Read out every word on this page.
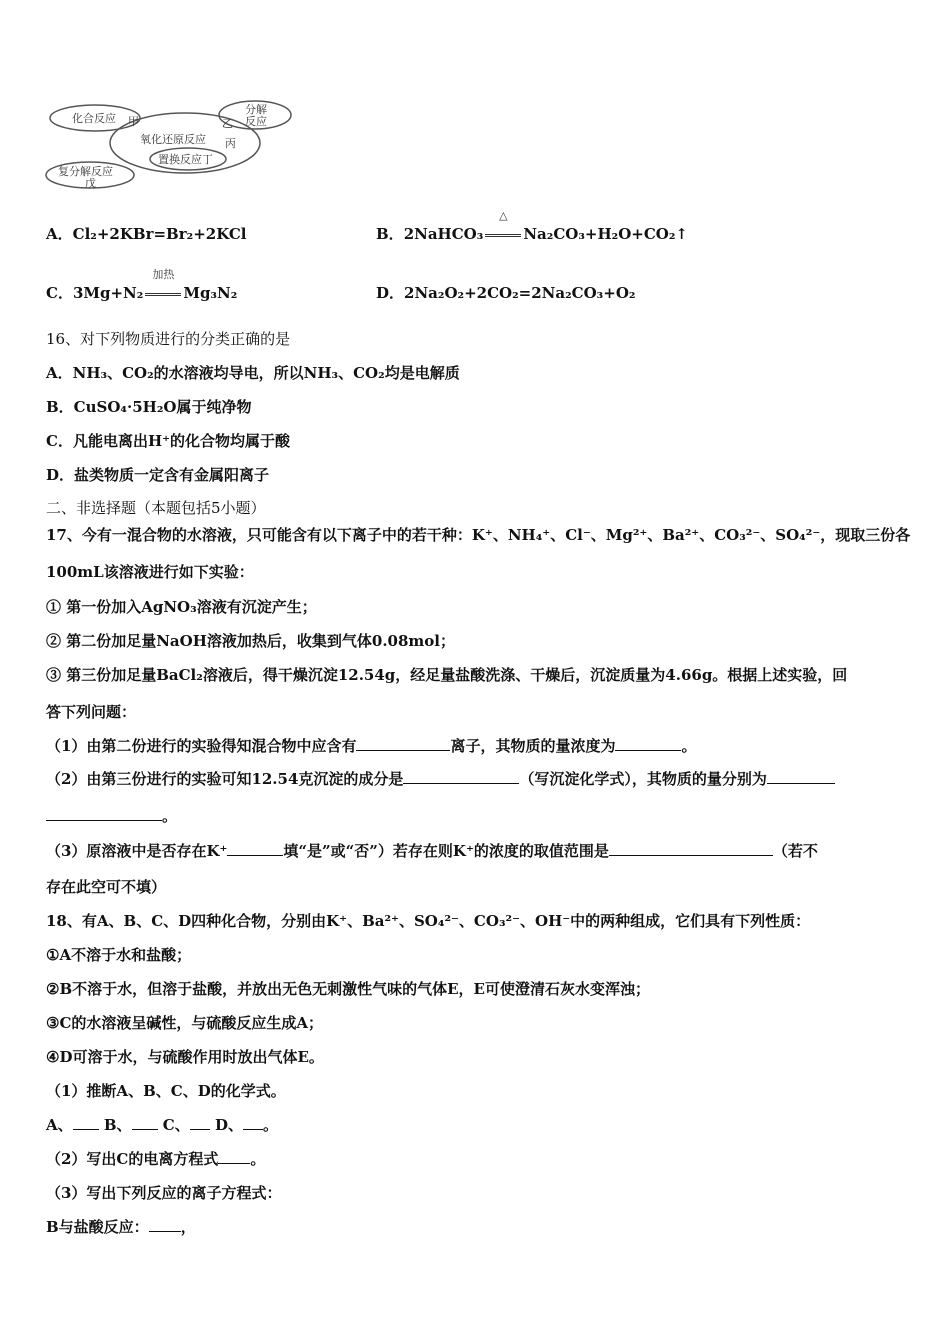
化合反应 甲
分解
反应
乙
氧化还原反应 丙
置换反应丁
复分解反应
戊
A．Cl₂+2KBr=Br₂+2KCl	B．2NaHCO₃
△
Na₂CO₃+H₂O+CO₂↑
C．3Mg+N₂
加热
Mg₃N₂	D．2Na₂O₂+2CO₂=2Na₂CO₃+O₂
16、对下列物质进行的分类正确的是
A．NH₃、CO₂的水溶液均导电，所以NH₃、CO₂均是电解质
B．CuSO₄·5H₂O属于纯净物
C．凡能电离出H⁺的化合物均属于酸
D．盐类物质一定含有金属阳离子
二、非选择题（本题包括5小题）
17、今有一混合物的水溶液，只可能含有以下离子中的若干种：K⁺、NH₄⁺、Cl⁻、Mg²⁺、Ba²⁺、CO₃²⁻、SO₄²⁻，现取三份各
100mL该溶液进行如下实验：
① 第一份加入AgNO₃溶液有沉淀产生；
② 第二份加足量NaOH溶液加热后，收集到气体0.08mol；
③ 第三份加足量BaCl₂溶液后，得干燥沉淀12.54g，经足量盐酸洗涤、干燥后，沉淀质量为4.66g。根据上述实验，回
答下列问题：
（1）由第二份进行的实验得知混合物中应含有	离子，其物质的量浓度为	。
（2）由第三份进行的实验可知12.54克沉淀的成分是	（写沉淀化学式），其物质的量分别为
。
（3）原溶液中是否存在K⁺	填“是”或“否”）若存在则K⁺的浓度的取值范围是	（若不
存在此空可不填）
18、有A、B、C、D四种化合物，分别由K⁺、Ba²⁺、SO₄²⁻、CO₃²⁻、OH⁻中的两种组成，它们具有下列性质：
①A不溶于水和盐酸；
②B不溶于水，但溶于盐酸，并放出无色无刺激性气味的气体E，E可使澄清石灰水变浑浊；
③C的水溶液呈碱性，与硫酸反应生成A；
④D可溶于水，与硫酸作用时放出气体E。
（1）推断A、B、C、D的化学式。
A、 B、 C、 D、 。
（2）写出C的电离方程式 。
（3）写出下列反应的离子方程式：
B与盐酸反应： ，
